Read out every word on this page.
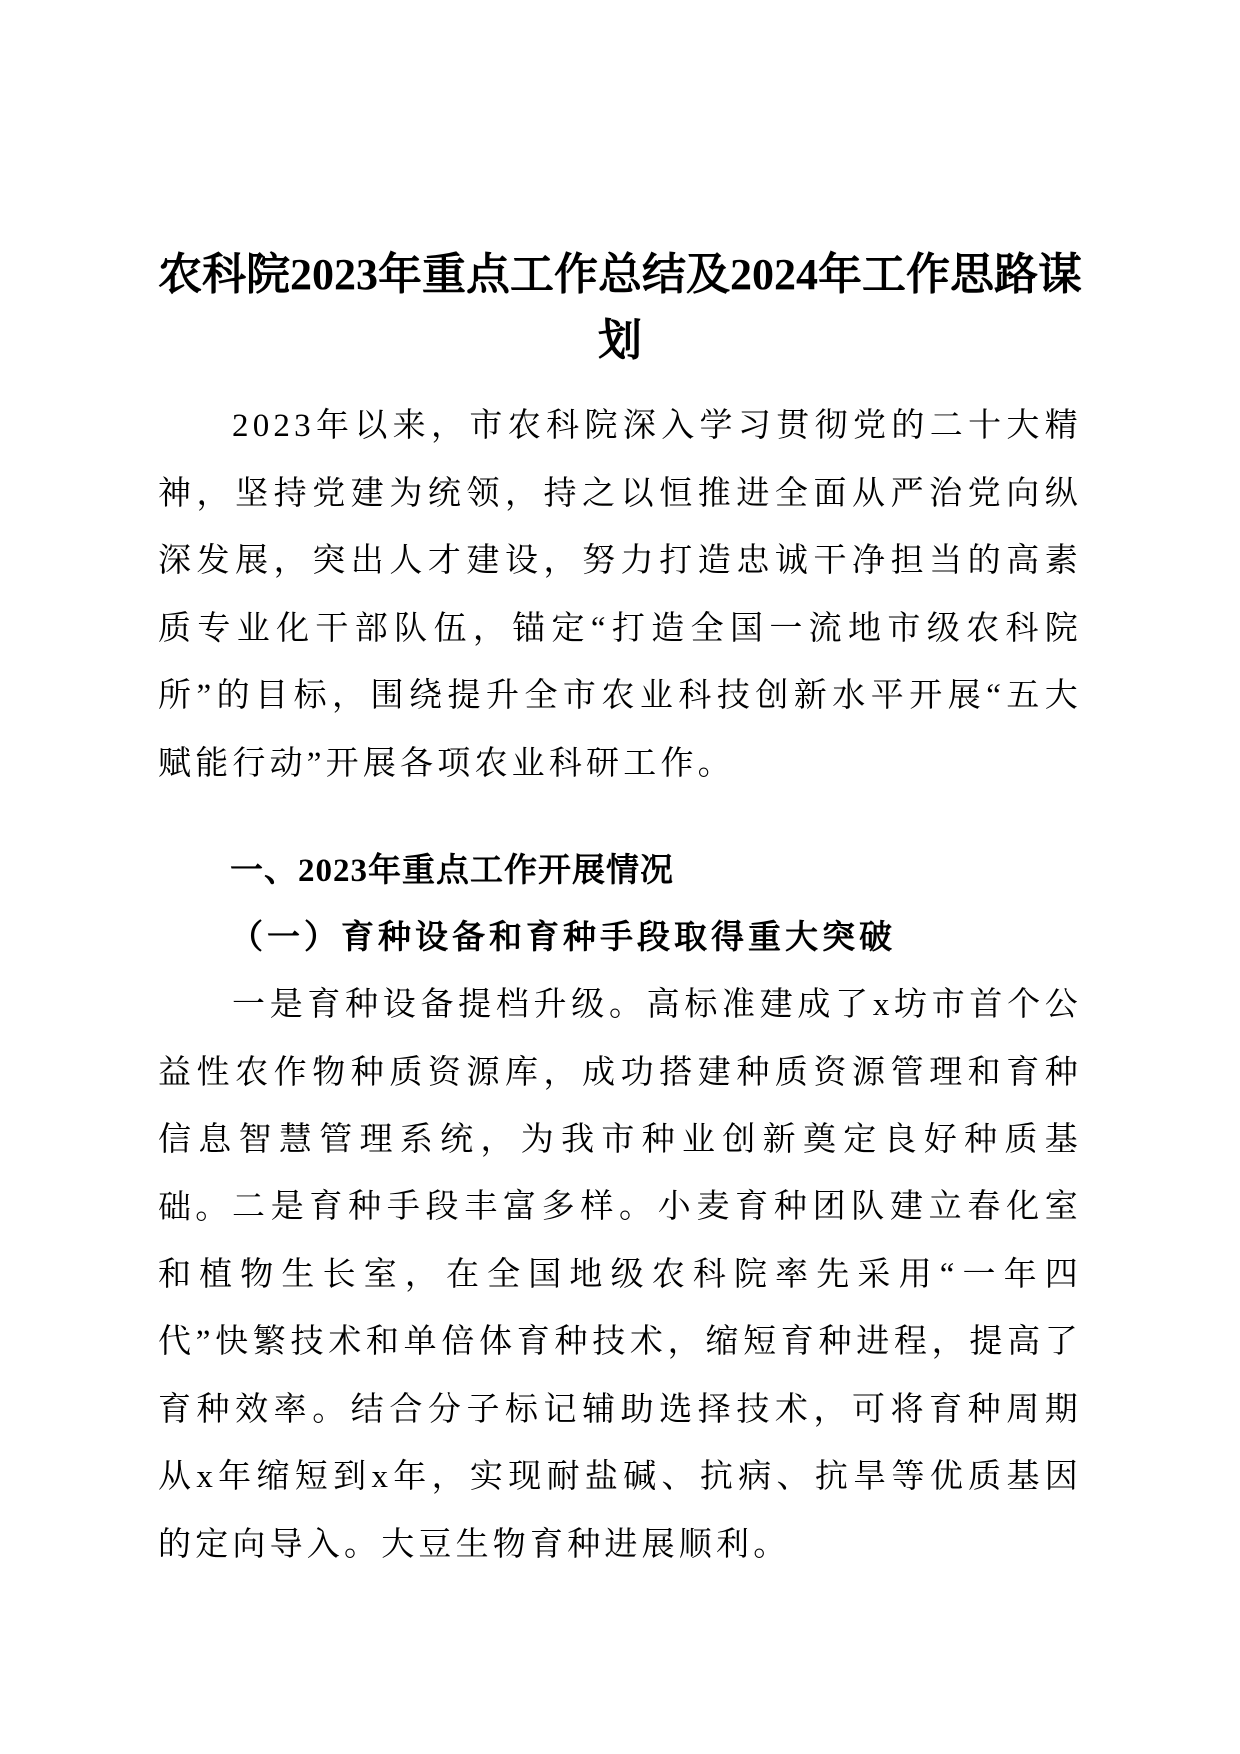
农科院2023年重点工作总结及2024年工作思路谋划

2023年以来，市农科院深入学习贯彻党的二十大精神，坚持党建为统领，持之以恒推进全面从严治党向纵深发展，突出人才建设，努力打造忠诚干净担当的高素质专业化干部队伍，锚定“打造全国一流地市级农科院所”的目标，围绕提升全市农业科技创新水平开展“五大赋能行动”开展各项农业科研工作。

一、2023年重点工作开展情况
（一）育种设备和育种手段取得重大突破

一是育种设备提档升级。高标准建成了x坊市首个公益性农作物种质资源库，成功搭建种质资源管理和育种信息智慧管理系统，为我市种业创新奠定良好种质基础。 二是育种手段丰富多样。小麦育种团队建立春化室和植物生长室，在全国地级农科院率先采用“一年四代”快繁技术和单倍体育种技术，缩短育种进程，提高了育种效率。结合分子标记辅助选择技术，可将育种周期从x年缩短到x年，实现耐盐碱、抗病、抗旱等优质基因的定向导入。大豆生物育种进展顺利。
